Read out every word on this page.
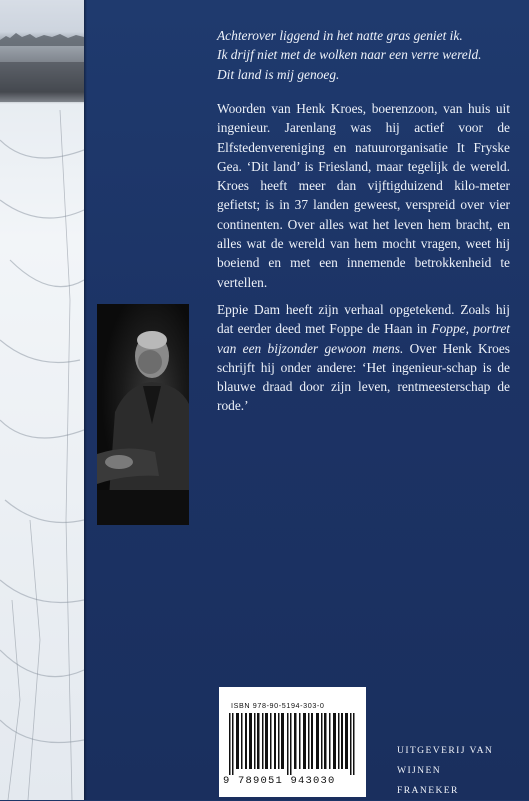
Achterover liggend in het natte gras geniet ik.
Ik drijf niet met de wolken naar een verre wereld.
Dit land is mij genoeg.
Woorden van Henk Kroes, boerenzoon, van huis uit ingenieur. Jarenlang was hij actief voor de Elfstedenvereniging en natuurorganisatie It Fryske Gea. ‘Dit land’ is Friesland, maar tegelijk de wereld. Kroes heeft meer dan vijftigduizend kilo-meter gefietst; is in 37 landen geweest, verspreid over vier continenten. Over alles wat het leven hem bracht, en alles wat de wereld van hem mocht vragen, weet hij boeiend en met een innemende betrokkenheid te vertellen.
Eppie Dam heeft zijn verhaal opgetekend. Zoals hij dat eerder deed met Foppe de Haan in Foppe, portret van een bijzonder gewoon mens. Over Henk Kroes schrijft hij onder andere: ‘Het ingenieur-schap is de blauwe draad door zijn leven, rentmeesterschap de rode.’
ISBN 978-90-5194-303-0
9 789051 943030
UITGEVERIJ VAN WIJNEN
FRANEKER
